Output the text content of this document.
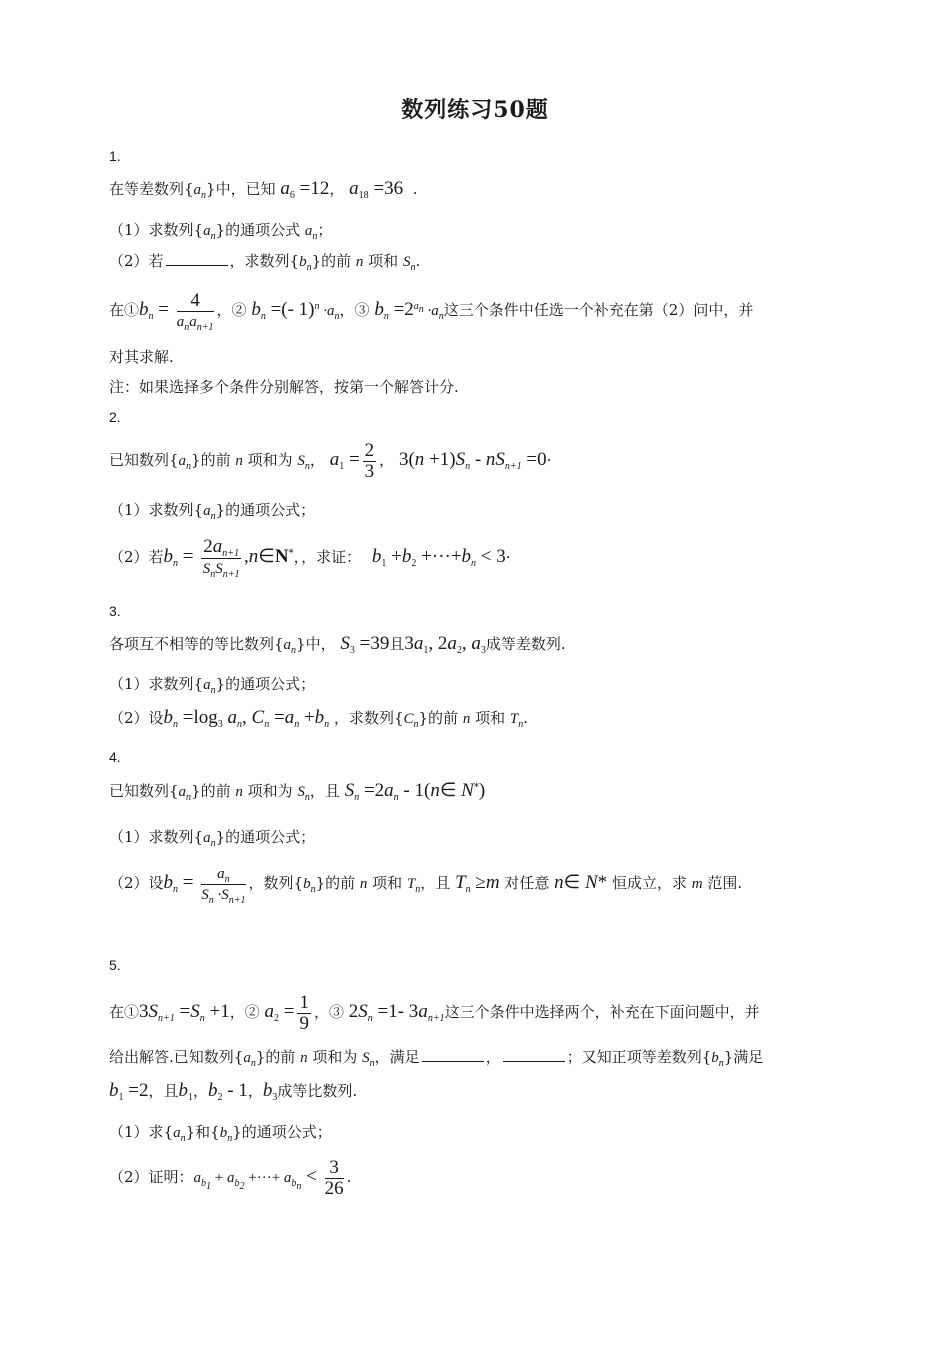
数列练习50题
1.
在等差数列$\{a_n\}$中，已知 $a_6 =12$， $a_{18} =36$  .
（1）求数列$\{a_n\}$的通项公式 $a_n$；
（2）若	，求数列$\{b_n\}$的前 n 项和 $S_n$.
在$①b_n = \frac{4}{a_na_{n+1}}$ ，② $b_n$ =(- $1)^n \cdot a_n$，③ $b_n =2^{a_n} \cdot a_n$这三个条件中任选一个补充在第（2）问中，并
对其求解.
注：如果选择多个条件分别解答，按第一个解答计分.
2.
已知数列$\{a_n\}$的前 n 项和为 $S_n$， $a_1 = \frac{2}{3}$ ， $3(n +1)S_n - nS_{n+1} =0\cdot$
（1）求数列$\{a_n\}$的通项公式；
（2）若$b_n = \frac{2a_{n+1}}{S_nS_{n+1}}$ ,n∈N*，，求证： $b_1 +b_2 +\cdot\cdot\cdot+b_n < 3\cdot$
3.
各项互不相等的等比数列$\{a_n\}$中， $S_3 =39$且$3a_1$, $2a_2$, $a_3$成等差数列.
（1）求数列$\{a_n\}$的通项公式；
（2）设$b_n =\log_3$ $a_n$, $C_n =a_n +b_n$ ，求数列$\{C_n\}$的前 n 项和 $T_n$.
4.
已知数列$\{a_n\}$的前 n 项和为 $S_n$，且 $S_n =2a_n$ - 1(n∈ N*)
（1）求数列$\{a_n\}$的通项公式；
（2）设$b_n = \frac{a_n}{S_n \cdot S_{n+1}}$ ，数列$\{b_n\}$的前 n 项和 $T_n$，且 $T_n \ge m$ 对任意 n∈ N* 恒成立，求 m 范围.
5.
在$①3S_{n+1} =S_n +1$，② $a_2 = \frac{1}{9}$ ，③ $2S_n =1-$ $3a_{n+1}$这三个条件中选择两个，补充在下面问题中，并
给出解答.已知数列$\{a_n\}$的前 n 项和为 $S_n$，满足	，	；又知正项等差数列$\{b_n\}$满足
$b_1 =2$，且$b_1$，$b_2 - 1$，$b_3$成等比数列.
（1）求$\{a_n\}$和$\{b_n\}$的通项公式；
（2）证明：$a_{b_1} + a_{b_2}$ +···+ $a_{b_n} < \frac{3}{26}$ .
